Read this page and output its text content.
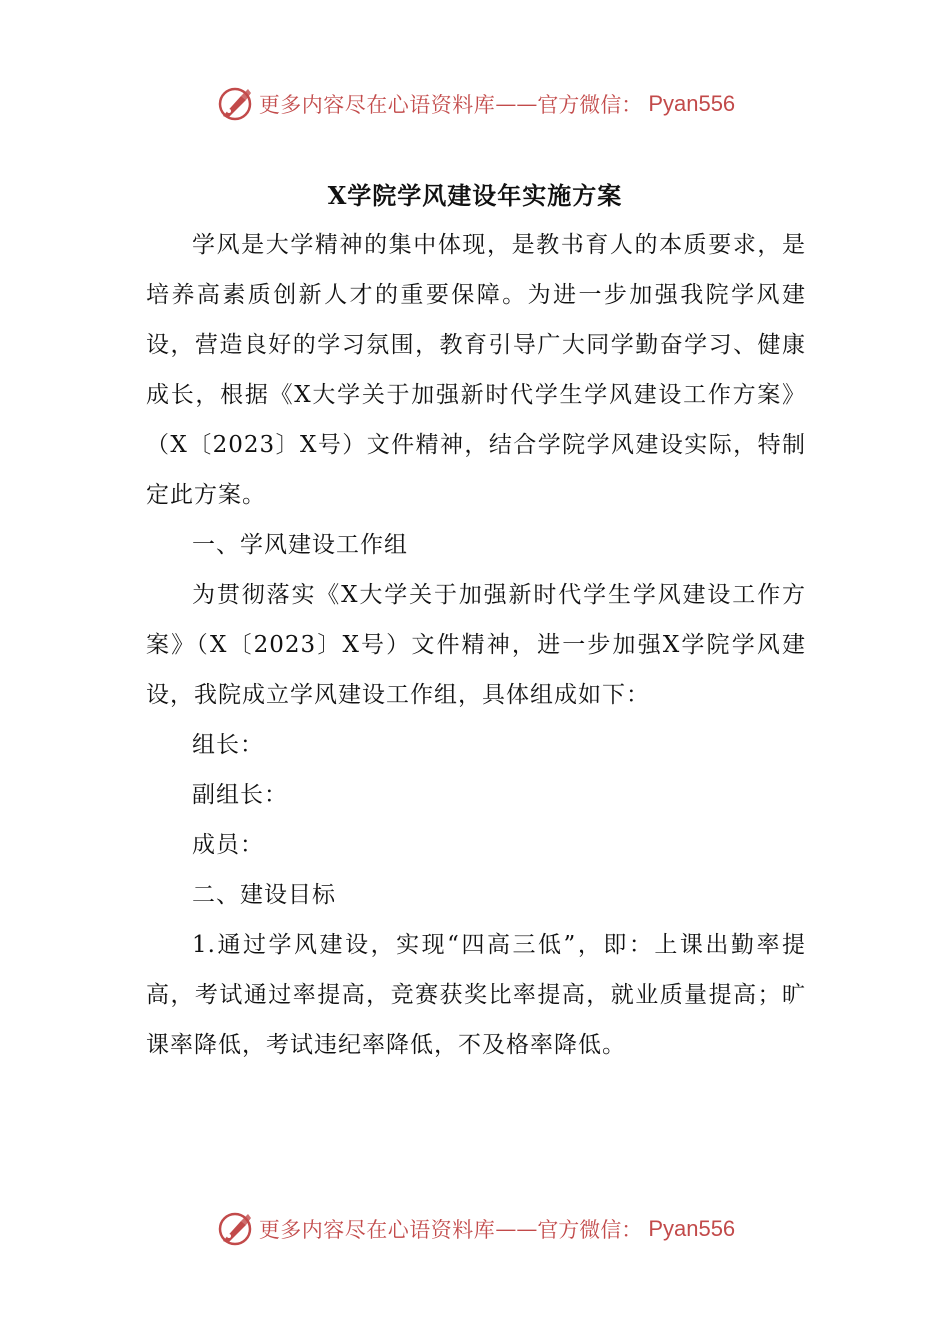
更多内容尽在心语资料库 —— 官方微信： Pyan556
X学院学风建设年实施方案

学风是大学精神的集中体现，是教书育人的本质要求，是培养高素质创新人才的重要保障。为进一步加强我院学风建设，营造良好的学习氛围，教育引导广大同学勤奋学习、健康成长，根据《X大学关于加强新时代学生学风建设工作方案》（X〔2023〕X号）文件精神，结合学院学风建设实际，特制定此方案。

一、学风建设工作组

为贯彻落实《X大学关于加强新时代学生学风建设工作方案》（X〔2023〕X号）文件精神，进一步加强X学院学风建设，我院成立学风建设工作组，具体组成如下：

组长：

副组长：

成员：

二、建设目标

1.通过学风建设，实现“四高三低”，即：上课出勤率提高，考试通过率提高，竞赛获奖比率提高，就业质量提高；旷课率降低，考试违纪率降低，不及格率降低。

更多内容尽在心语资料库 —— 官方微信： Pyan556
